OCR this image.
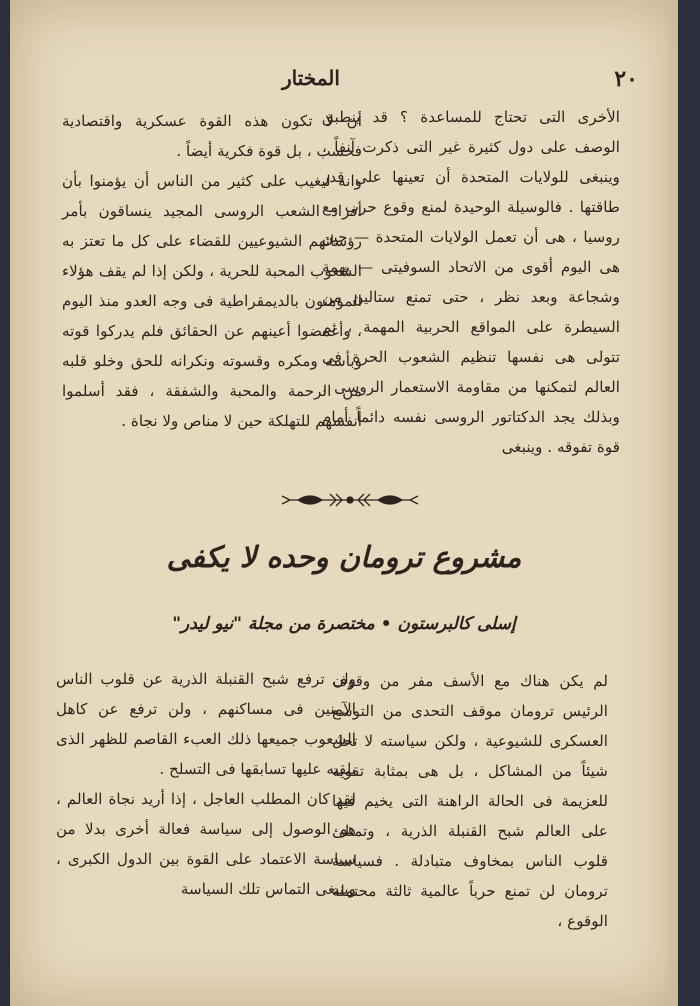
٢٠
المختار

الأخرى التى تحتاج للمساعدة ؟ قد ينطبق الوصف على دول كثيرة غير التى ذكرت آنفاً ، وينبغى للولايات المتحدة أن تعينها على قدر طاقتها . فالوسيلة الوحيدة لمنع وقوع حرب مع روسيا ، هى أن تعمل الولايات المتحدة — حين هى اليوم أقوى من الاتحاد السوفيتى — بهمة وشجاعة وبعد نظر ، حتى تمنع ستالين من السيطرة على المواقع الحربية المهمة ، ثم تتولى هى نفسها تنظيم الشعوب الحرة فى العالم لتمكنها من مقاومة الاستعمار الروسى ، وبذلك يجد الدكتاتور الروسى نفسه دائماً أمام قوة تفوقه . وينبغى

أن لا تكون هذه القوة عسكرية واقتصادية فحسب ، بل قوة فكرية أيضاً .

وانه ليغيب على كثير من الناس أن يؤمنوا بأن أفراد الشعب الروسى المجيد ينساقون بأمر رؤسائهم الشيوعيين للقضاء على كل ما تعتز به الشعوب المحبة للحرية ، ولكن إذا لم يقف هؤلاء المؤمنون بالديمقراطية فى وجه العدو منذ اليوم ، وأغمضوا أعينهم عن الحقائق فلم يدركوا قوته وبأسه ومكره وقسوته ونكرانه للحق وخلو قلبه من الرحمة والمحبة والشفقة ، فقد أسلموا أنفسهم للتهلكة حين لا مناص ولا نجاة .

مشروع ترومان وحده لا يكفى
إسلى كالبرستون • مختصرة من مجلة "نيو ليدر"

لم يكن هناك مع الأسف مفر من وقوف الرئيس ترومان موقف التحدى من التوسع العسكرى للشيوعية ، ولكن سياسته لا تحل شيئاً من المشاكل ، بل هى بمثابة تقوية للعزيمة فى الحالة الراهنة التى يخيم فيها على العالم شبح القنبلة الذرية ، وتمتلئ قلوب الناس بمخاوف متبادلة . فسياسة ترومان لن تمنع حرباً عالمية ثالثة محتملة الوقوع ،

ولن ترفع شبح القنبلة الذرية عن قلوب الناس الآمنين فى مساكنهم ، ولن ترفع عن كاهل الشعوب جميعها ذلك العبء القاصم للظهر الذى يلقيه عليها تسابقها فى التسلح .

لقد كان المطلب العاجل ، إذا أريد نجاة العالم ، هو الوصول إلى سياسة فعالة أخرى بدلا من سياسة الاعتماد على القوة بين الدول الكبرى ، وينبغى التماس تلك السياسة
